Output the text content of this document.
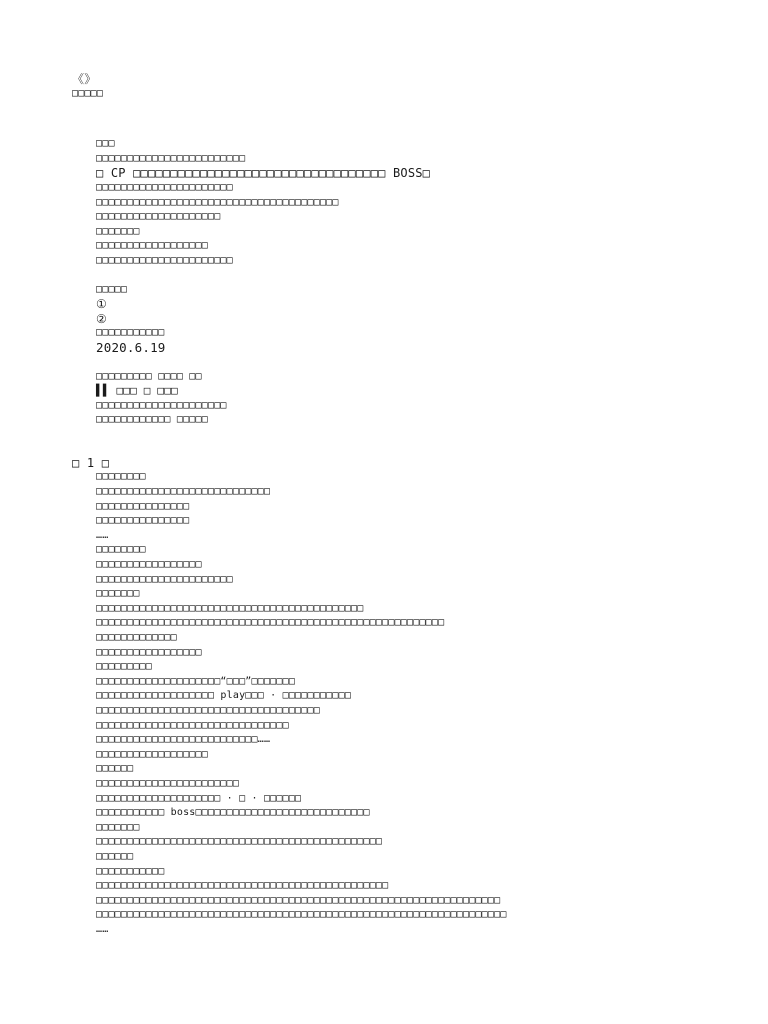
《》
□□□□□
□□□
□□□□□□□□□□□□□□□□□□□□□□□□
□ CP □□□□□□□□□□□□□□□□□□□□□□□□□□□□□□□□□□ BOSS□
□□□□□□□□□□□□□□□□□□□□□□
□□□□□□□□□□□□□□□□□□□□□□□□□□□□□□□□□□□□□□□
□□□□□□□□□□□□□□□□□□□□
□□□□□□□
□□□□□□□□□□□□□□□□□□
□□□□□□□□□□□□□□□□□□□□□□
□□□□□
①
②
□□□□□□□□□□□
2020.6.19
□□□□□□□□□ □□□□ □□
▌▌ □□□ □ □□□
□□□□□□□□□□□□□□□□□□□□□
□□□□□□□□□□□□ □□□□□
□ 1 □
□□□□□□□□
□□□□□□□□□□□□□□□□□□□□□□□□□□□□
□□□□□□□□□□□□□□□
□□□□□□□□□□□□□□□
……
□□□□□□□□
□□□□□□□□□□□□□□□□□
□□□□□□□□□□□□□□□□□□□□□□
□□□□□□□
□□□□□□□□□□□□□□□□□□□□□□□□□□□□□□□□□□□□□□□□□□□
□□□□□□□□□□□□□□□□□□□□□□□□□□□□□□□□□□□□□□□□□□□□□□□□□□□□□□□□
□□□□□□□□□□□□□
□□□□□□□□□□□□□□□□□
□□□□□□□□□
□□□□□□□□□□□□□□□□□□□□“□□□”□□□□□□□
□□□□□□□□□□□□□□□□□□□ play□□□ · □□□□□□□□□□□
□□□□□□□□□□□□□□□□□□□□□□□□□□□□□□□□□□□□
□□□□□□□□□□□□□□□□□□□□□□□□□□□□□□□
□□□□□□□□□□□□□□□□□□□□□□□□□□……
□□□□□□□□□□□□□□□□□□
□□□□□□
□□□□□□□□□□□□□□□□□□□□□□□
□□□□□□□□□□□□□□□□□□□□ · □ · □□□□□□
□□□□□□□□□□□ boss□□□□□□□□□□□□□□□□□□□□□□□□□□□□
□□□□□□□
□□□□□□□□□□□□□□□□□□□□□□□□□□□□□□□□□□□□□□□□□□□□□□
□□□□□□
□□□□□□□□□□□
□□□□□□□□□□□□□□□□□□□□□□□□□□□□□□□□□□□□□□□□□□□□□□□
□□□□□□□□□□□□□□□□□□□□□□□□□□□□□□□□□□□□□□□□□□□□□□□□□□□□□□□□□□□□□□□□□
□□□□□□□□□□□□□□□□□□□□□□□□□□□□□□□□□□□□□□□□□□□□□□□□□□□□□□□□□□□□□□□□□□
……
